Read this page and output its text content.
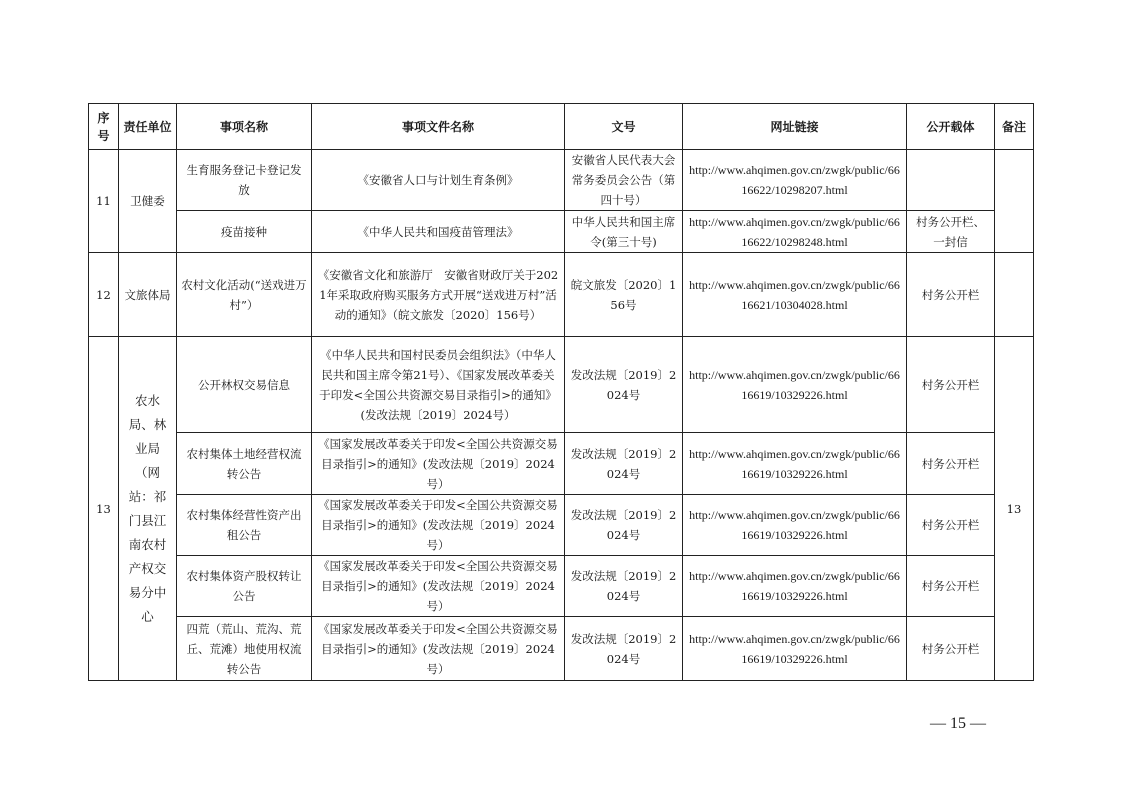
序号	责任单位	事项名称	事项文件名称	文号	网址链接	公开载体	备注
11	卫健委	生育服务登记卡登记发放	《安徽省人口与计划生育条例》	安徽省人民代表大会常务委员会公告（第四十号）	http://www.ahqimen.gov.cn/zwgk/public/6616622/10298207.html		
		疫苗接种	《中华人民共和国疫苗管理法》	中华人民共和国主席令(第三十号)	http://www.ahqimen.gov.cn/zwgk/public/6616622/10298248.html	村务公开栏、一封信	
12	文旅体局	农村文化活动(“送戏进万村”）	《安徽省文化和旅游厅　安徽省财政厅关于2021年采取政府购买服务方式开展“送戏进万村”活动的通知》（皖文旅发〔2020〕156号）	皖文旅发〔2020〕156号	http://www.ahqimen.gov.cn/zwgk/public/6616621/10304028.html	村务公开栏	
13	农水局、林业局（网站：祁门县江南农村产权交易分中心	公开林权交易信息	《中华人民共和国村民委员会组织法》（中华人民共和国主席令第21号）、《国家发展改革委关于印发<全国公共资源交易目录指引>的通知》(发改法规〔2019〕2024号）	发改法规〔2019〕2024号	http://www.ahqimen.gov.cn/zwgk/public/6616619/10329226.html	村务公开栏	13
		农村集体土地经营权流转公告	《国家发展改革委关于印发<全国公共资源交易目录指引>的通知》(发改法规〔2019〕2024号）	发改法规〔2019〕2024号	http://www.ahqimen.gov.cn/zwgk/public/6616619/10329226.html	村务公开栏	
		农村集体经营性资产出租公告	《国家发展改革委关于印发<全国公共资源交易目录指引>的通知》(发改法规〔2019〕2024号）	发改法规〔2019〕2024号	http://www.ahqimen.gov.cn/zwgk/public/6616619/10329226.html	村务公开栏	
		农村集体资产股权转让公告	《国家发展改革委关于印发<全国公共资源交易目录指引>的通知》(发改法规〔2019〕2024号）	发改法规〔2019〕2024号	http://www.ahqimen.gov.cn/zwgk/public/6616619/10329226.html	村务公开栏	
		四荒（荒山、荒沟、荒丘、荒滩）地使用权流转公告	《国家发展改革委关于印发<全国公共资源交易目录指引>的通知》(发改法规〔2019〕2024号）	发改法规〔2019〕2024号	http://www.ahqimen.gov.cn/zwgk/public/6616619/10329226.html	村务公开栏	
— 15 —
